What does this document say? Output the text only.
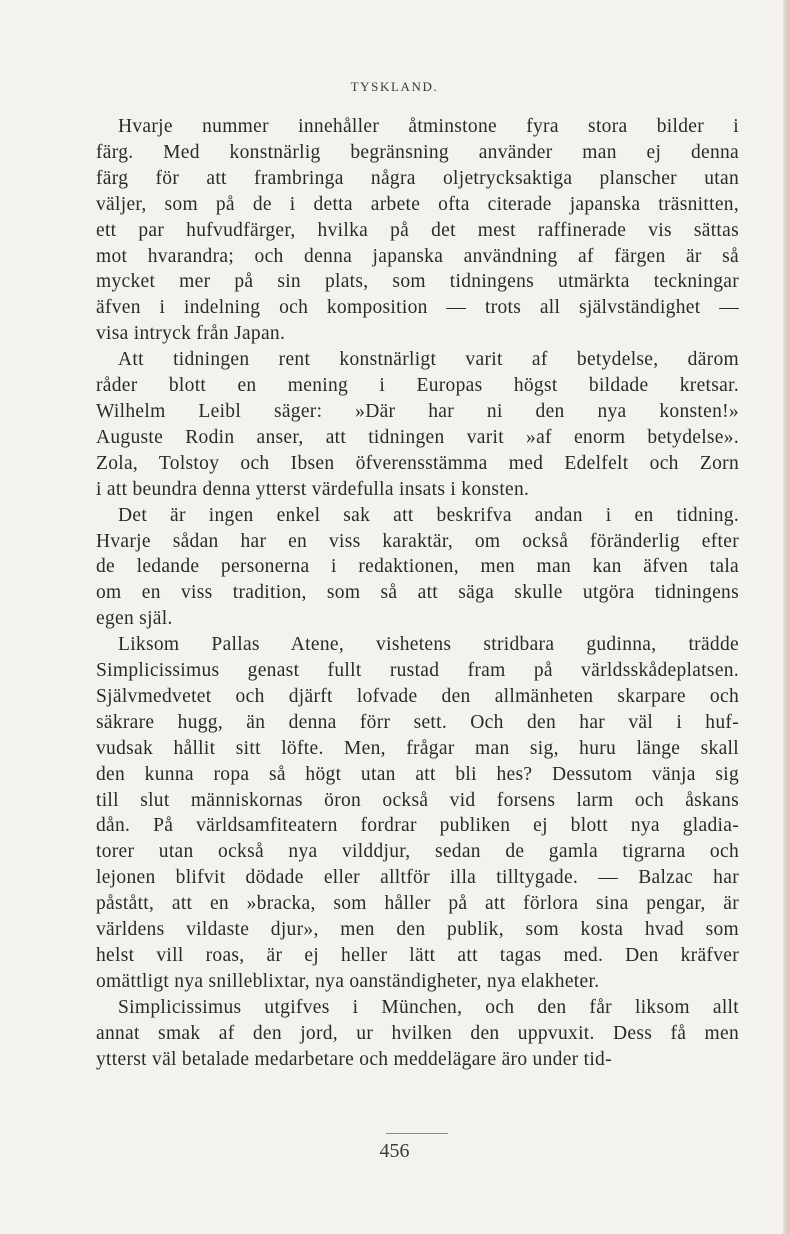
TYSKLAND.

Hvarje nummer innehåller åtminstone fyra stora bilder i
färg. Med konstnärlig begränsning använder man ej denna
färg för att frambringa några oljetrycksaktiga planscher utan
väljer, som på de i detta arbete ofta citerade japanska träsnitten,
ett par hufvudfärger, hvilka på det mest raffinerade vis sättas
mot hvarandra; och denna japanska användning af färgen är så
mycket mer på sin plats, som tidningens utmärkta teckningar
äfven i indelning och komposition — trots all självständighet —
visa intryck från Japan.

Att tidningen rent konstnärligt varit af betydelse, därom
råder blott en mening i Europas högst bildade kretsar.
Wilhelm Leibl säger: »Där har ni den nya konsten!»
Auguste Rodin anser, att tidningen varit »af enorm betydelse».
Zola, Tolstoy och Ibsen öfverensstämma med Edelfelt och Zorn
i att beundra denna ytterst värdefulla insats i konsten.

Det är ingen enkel sak att beskrifva andan i en tidning.
Hvarje sådan har en viss karaktär, om också föränderlig efter
de ledande personerna i redaktionen, men man kan äfven tala
om en viss tradition, som så att säga skulle utgöra tidningens
egen själ.

Liksom Pallas Atene, vishetens stridbara gudinna, trädde
Simplicissimus genast fullt rustad fram på världsskådeplatsen.
Självmedvetet och djärft lofvade den allmänheten skarpare och
säkrare hugg, än denna förr sett. Och den har väl i huf-
vudsak hållit sitt löfte. Men, frågar man sig, huru länge skall
den kunna ropa så högt utan att bli hes? Dessutom vänja sig
till slut människornas öron också vid forsens larm och åskans
dån. På världsamfiteatern fordrar publiken ej blott nya gladia-
torer utan också nya vilddjur, sedan de gamla tigrarna och
lejonen blifvit dödade eller alltför illa tilltygade. — Balzac har
påstått, att en »bracka, som håller på att förlora sina pengar, är
världens vildaste djur», men den publik, som kosta hvad som
helst vill roas, är ej heller lätt att tagas med. Den kräfver
omättligt nya snilleblixtar, nya oanständigheter, nya elakheter.

Simplicissimus utgifves i München, och den får liksom allt
annat smak af den jord, ur hvilken den uppvuxit. Dess få men
ytterst väl betalade medarbetare och meddelägare äro under tid-

456
